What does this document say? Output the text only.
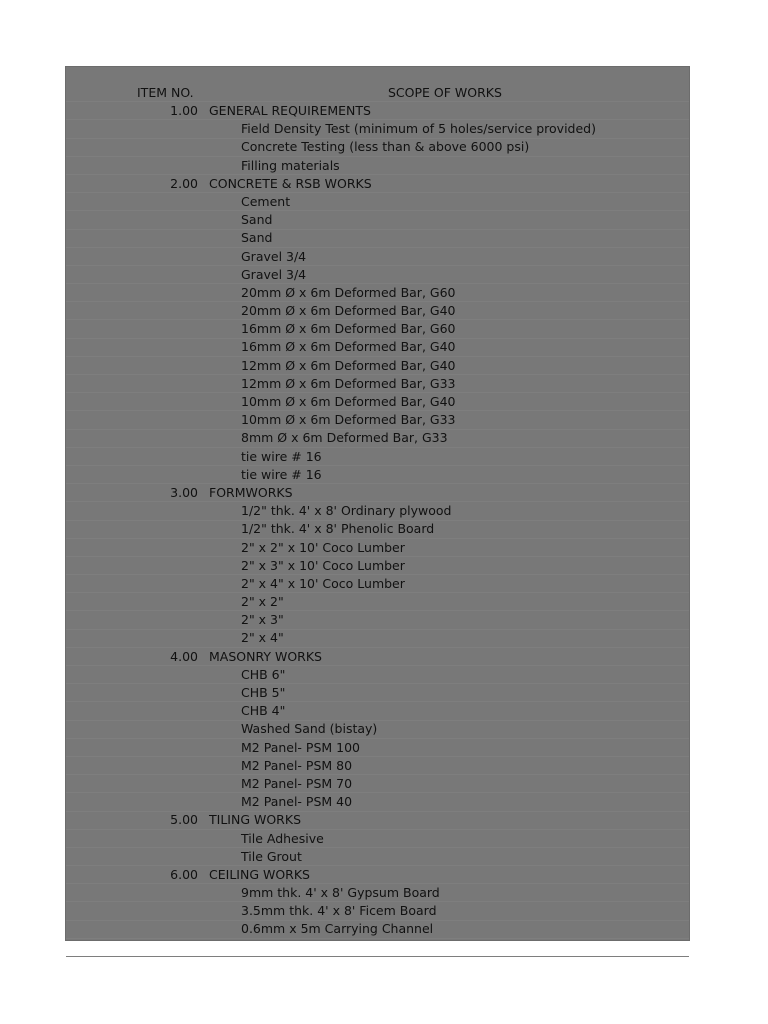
ITEM NO.	SCOPE OF WORKS
1.00 GENERAL REQUIREMENTS
Field Density Test (minimum of 5 holes/service provided)
Concrete Testing (less than & above 6000 psi)
Filling materials
2.00 CONCRETE & RSB WORKS
Cement
Sand
Sand
Gravel 3/4
Gravel 3/4
20mm Ø x 6m Deformed Bar, G60
20mm Ø x 6m Deformed Bar, G40
16mm Ø x 6m Deformed Bar, G60
16mm Ø x 6m Deformed Bar, G40
12mm Ø x 6m Deformed Bar, G40
12mm Ø x 6m Deformed Bar, G33
10mm Ø x 6m Deformed Bar, G40
10mm Ø x 6m Deformed Bar, G33
8mm Ø x 6m Deformed Bar, G33
tie wire # 16
tie wire # 16
3.00 FORMWORKS
1/2" thk. 4' x 8' Ordinary plywood
1/2" thk. 4' x 8' Phenolic Board
2" x 2" x 10' Coco Lumber
2" x 3" x 10' Coco Lumber
2" x 4" x 10' Coco Lumber
2" x 2"
2" x 3"
2" x 4"
4.00 MASONRY WORKS
CHB 6"
CHB 5"
CHB 4"
Washed Sand (bistay)
M2 Panel- PSM 100
M2 Panel- PSM 80
M2 Panel- PSM 70
M2 Panel- PSM 40
5.00 TILING WORKS
Tile Adhesive
Tile Grout
6.00 CEILING WORKS
9mm thk. 4' x 8' Gypsum Board
3.5mm thk. 4' x 8' Ficem Board
0.6mm x 5m Carrying Channel
